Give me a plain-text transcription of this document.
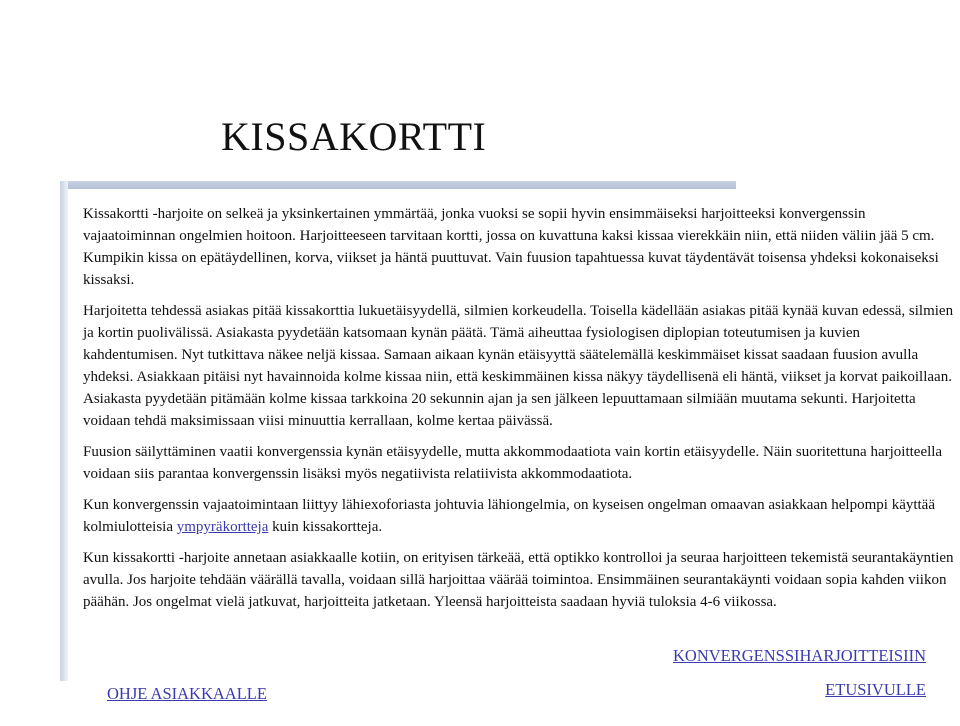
KISSAKORTTI

Kissakortti -harjoite on selkeä ja yksinkertainen ymmärtää, jonka vuoksi se sopii hyvin ensimmäiseksi harjoitteeksi konvergenssin vajaatoiminnan ongelmien hoitoon. Harjoitteeseen tarvitaan kortti, jossa on kuvattuna kaksi kissaa vierekkäin niin, että niiden väliin jää 5 cm. Kumpikin kissa on epätäydellinen, korva, viikset ja häntä puuttuvat. Vain fuusion tapahtuessa kuvat täydentävät toisensa yhdeksi kokonaiseksi kissaksi.

Harjoitetta tehdessä asiakas pitää kissakorttia lukuetäisyydellä, silmien korkeudella. Toisella kädellään asiakas pitää kynää kuvan edessä, silmien ja kortin puolivälissä. Asiakasta pyydetään katsomaan kynän päätä. Tämä aiheuttaa fysiologisen diplopian toteutumisen ja kuvien kahdentumisen. Nyt tutkittava näkee neljä kissaa. Samaan aikaan kynän etäisyyttä säätelemällä keskimmäiset kissat saadaan fuusion avulla yhdeksi. Asiakkaan pitäisi nyt havainnoida kolme kissaa niin, että keskimmäinen kissa näkyy täydellisenä eli häntä, viikset ja korvat paikoillaan. Asiakasta pyydetään pitämään kolme kissaa tarkkoina 20 sekunnin ajan ja sen jälkeen lepuuttamaan silmiään muutama sekunti. Harjoitetta voidaan tehdä maksimissaan viisi minuuttia kerrallaan, kolme kertaa päivässä.

Fuusion säilyttäminen vaatii konvergenssia kynän etäisyydelle, mutta akkommodaatiota vain kortin etäisyydelle. Näin suoritettuna harjoitteella voidaan siis parantaa konvergenssin lisäksi myös negatiivista relatiivista akkommodaatiota.

Kun konvergenssin vajaatoimintaan liittyy lähiexoforiasta johtuvia lähiongelmia, on kyseisen ongelman omaavan asiakkaan helpompi käyttää kolmiulotteisia ympyräkortteja kuin kissakortteja.

Kun kissakortti -harjoite annetaan asiakkaalle kotiin, on erityisen tärkeää, että optikko kontrolloi ja seuraa harjoitteen tekemistä seurantakäyntien avulla. Jos harjoite tehdään väärällä tavalla, voidaan sillä harjoittaa väärää toimintoa. Ensimmäinen seurantakäynti voidaan sopia kahden viikon päähän. Jos ongelmat vielä jatkuvat, harjoitteita jatketaan. Yleensä harjoitteista saadaan hyviä tuloksia 4-6 viikossa.

KONVERGENSSIHARJOITTEISIIN
OHJE ASIAKKAALLE	ETUSIVULLE
